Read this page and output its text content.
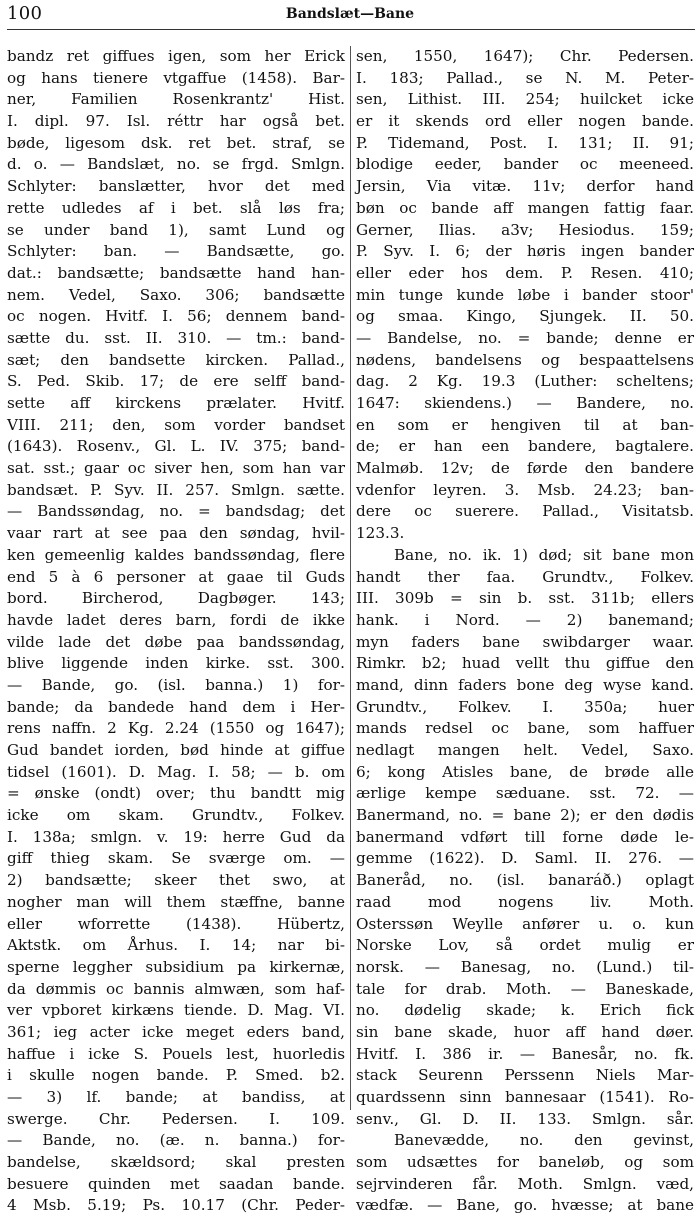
100	Bandslæt—Bane
bandz ret giffues igen, som her Erick
og hans tienere vtgaffue (1458). Bar-
ner, Familien Rosenkrantz' Hist.
I. dipl. 97. Isl. réttr har også bet.
bøde, ligesom dsk. ret bet. straf, se
d. o. — Bandslæt, no. se frgd. Smlgn.
Schlyter: banslætter, hvor det med
rette udledes af i bet. slå løs fra;
se under band 1), samt Lund og
Schlyter: ban. — Bandsætte, go.
dat.: bandsætte; bandsætte hand han-
nem. Vedel, Saxo. 306; bandsætte
oc nogen. Hvitf. I. 56; dennem band-
sætte du. sst. II. 310. — tm.: band-
sæt; den bandsette kircken. Pallad.,
S. Ped. Skib. 17; de ere selff band-
sette aff kirckens prælater. Hvitf.
VIII. 211; den, som vorder bandset
(1643). Rosenv., Gl. L. IV. 375; band-
sat. sst.; gaar oc siver hen, som han var
bandsæt. P. Syv. II. 257. Smlgn. sætte.
— Bandssøndag, no. = bandsdag; det
vaar rart at see paa den søndag, hvil-
ken gemeenlig kaldes bandssøndag, flere
end 5 à 6 personer at gaae til Guds
bord. Bircherod, Dagbøger. 143;
havde ladet deres barn, fordi de ikke
vilde lade det døbe paa bandssøndag,
blive liggende inden kirke. sst. 300.
— Bande, go. (isl. banna.) 1) for-
bande; da bandede hand dem i Her-
rens naffn. 2 Kg. 2.24 (1550 og 1647);
Gud bandet iorden, bød hinde at giffue
tidsel (1601). D. Mag. I. 58; — b. om
= ønske (ondt) over; thu bandtt mig
icke om skam. Grundtv., Folkev.
I. 138a; smlgn. v. 19: herre Gud da
giff thieg skam. Se sværge om. —
2) bandsætte; skeer thet swo, at
nogher man will them stæffne, banne
eller wforrette (1438). Hübertz,
Aktstk. om Århus. I. 14; nar bi-
sperne leggher subsidium pa kirkernæ,
da dømmis oc bannis almwæn, som haf-
ver vpboret kirkæns tiende. D. Mag. VI.
361; ieg acter icke meget eders band,
haffue i icke S. Pouels lest, huorledis
i skulle nogen bande. P. Smed. b2.
— 3) lf. bande; at bandiss, at
swerge. Chr. Pedersen. I. 109.
— Bande, no. (æ. n. banna.) for-
bandelse, skældsord; skal presten
besuere quinden met saadan bande.
4 Msb. 5.19; Ps. 10.17 (Chr. Peder-
sen, 1550, 1647); Chr. Pedersen.
I. 183; Pallad., se N. M. Peter-
sen, Lithist. III. 254; huilcket icke
er it skends ord eller nogen bande.
P. Tidemand, Post. I. 131; II. 91;
blodige eeder, bander oc meeneed.
Jersin, Via vitæ. 11v; derfor hand
bøn oc bande aff mangen fattig faar.
Gerner, Ilias. a3v; Hesiodus. 159;
P. Syv. I. 6; der høris ingen bander
eller eder hos dem. P. Resen. 410;
min tunge kunde løbe i bander stoor'
og smaa. Kingo, Sjungek. II. 50.
— Bandelse, no. = bande; denne er
nødens, bandelsens og bespaattelsens
dag. 2 Kg. 19.3 (Luther: scheltens;
1647: skiendens.) — Bandere, no.
en som er hengiven til at ban-
de; er han een bandere, bagtalere.
Malmøb. 12v; de førde den bandere
vdenfor leyren. 3. Msb. 24.23; ban-
dere oc suerere. Pallad., Visitatsb.
123.3.
Bane, no. ik. 1) død; sit bane mon
handt ther faa. Grundtv., Folkev.
III. 309b = sin b. sst. 311b; ellers
hank. i Nord. — 2) banemand;
myn faders bane swibdarger waar.
Rimkr. b2; huad vellt thu giffue den
mand, dinn faders bone deg wyse kand.
Grundtv., Folkev. I. 350a; huer
mands redsel oc bane, som haffuer
nedlagt mangen helt. Vedel, Saxo.
6; kong Atisles bane, de brøde alle
ærlige kempe sæduane. sst. 72. —
Banermand, no. = bane 2); er den dødis
banermand vdført till forne døde le-
gemme (1622). D. Saml. II. 276. —
Baneråd, no. (isl. banaráð.) oplagt
raad mod nogens liv. Moth.
Osterssøn Weylle anfører u. o. kun
Norske Lov, så ordet mulig er
norsk. — Banesag, no. (Lund.) til-
tale for drab. Moth. — Baneskade,
no. dødelig skade; k. Erich fick
sin bane skade, huor aff hand døer.
Hvitf. I. 386 ir. — Banesår, no. fk.
stack Seurenn Perssenn Niels Mar-
quardssenn sinn bannesaar (1541). Ro-
senv., Gl. D. II. 133. Smlgn. sår.
Banevædde, no. den gevinst,
som udsættes for baneløb, og som
sejrvinderen får. Moth. Smlgn. væd,
vædfæ. — Bane, go. hvæsse; at bane
